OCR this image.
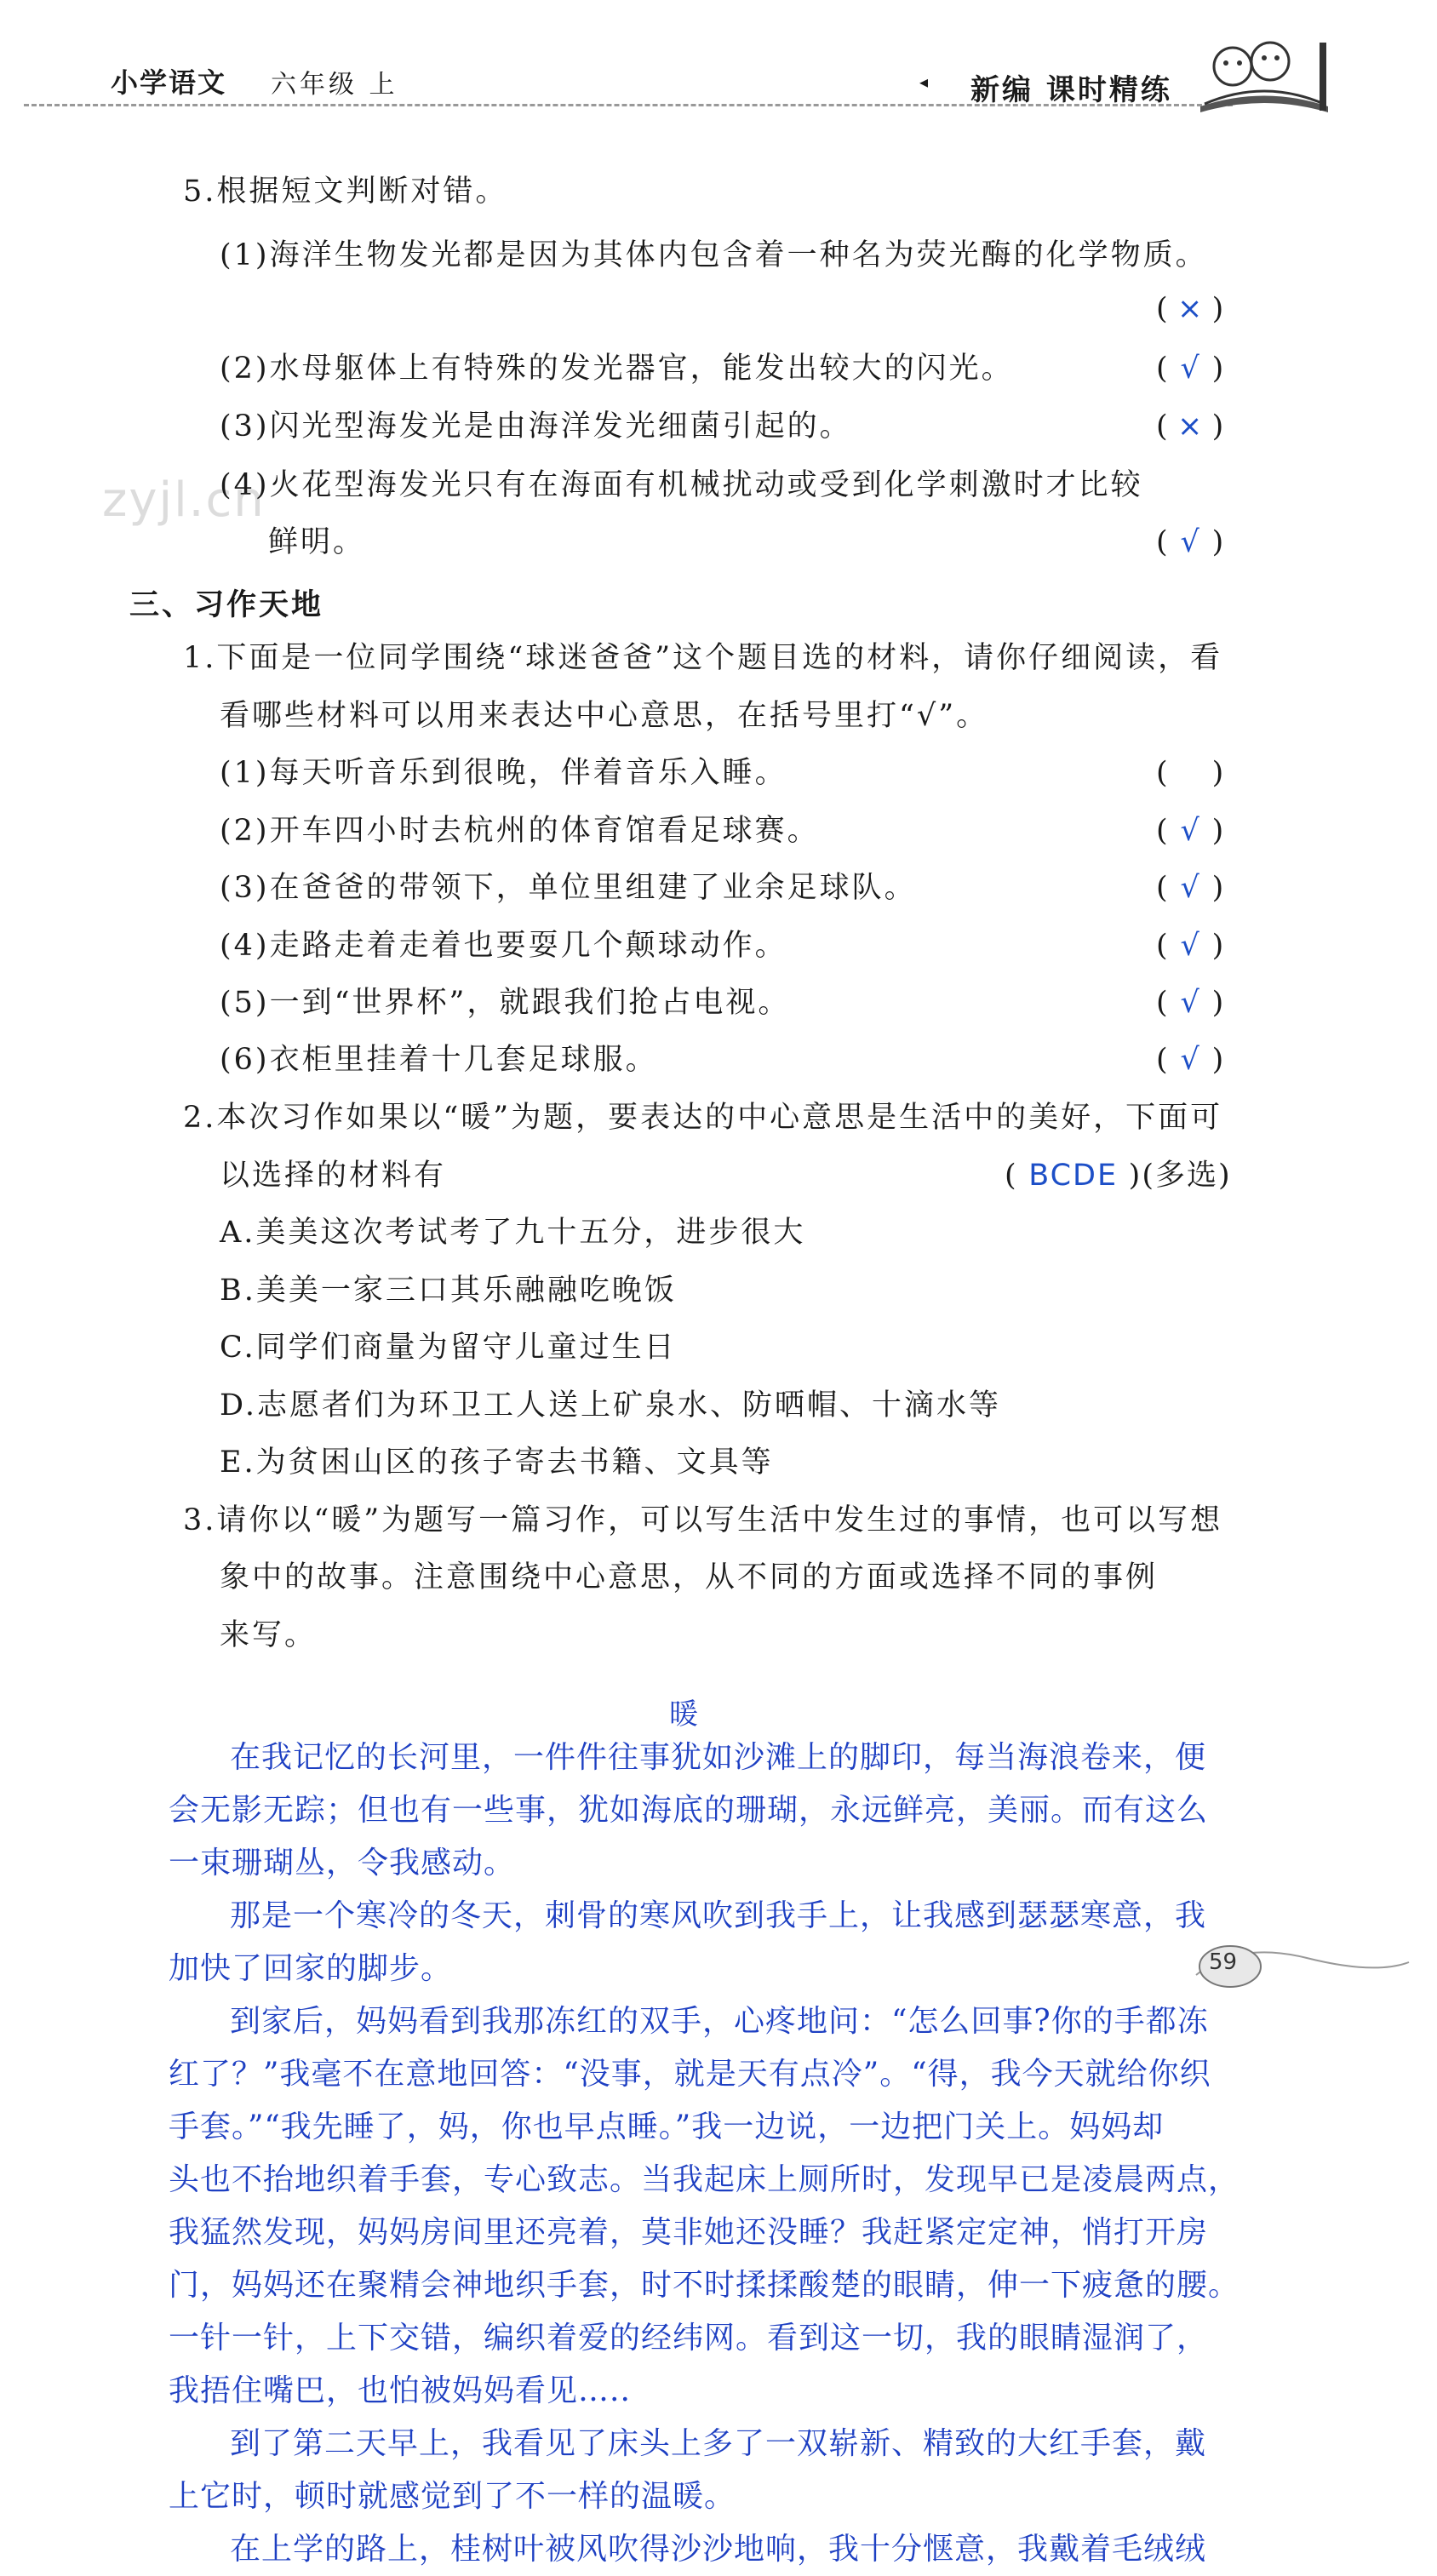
小学语文 六年级 上	◂ 新编 课时精练
zyjl.cn
5.根据短文判断对错。
(1)海洋生物发光都是因为其体内包含着一种名为荧光酶的化学物质。
( × )
(2)水母躯体上有特殊的发光器官，能发出较大的闪光。	( √ )
(3)闪光型海发光是由海洋发光细菌引起的。	( × )
(4)火花型海发光只有在海面有机械扰动或受到化学刺激时才比较
鲜明。	( √ )
三、习作天地
1.下面是一位同学围绕“球迷爸爸”这个题目选的材料，请你仔细阅读，看
看哪些材料可以用来表达中心意思，在括号里打“√”。
(1)每天听音乐到很晚，伴着音乐入睡。	( )
(2)开车四小时去杭州的体育馆看足球赛。	( √ )
(3)在爸爸的带领下，单位里组建了业余足球队。	( √ )
(4)走路走着走着也要耍几个颠球动作。	( √ )
(5)一到“世界杯”，就跟我们抢占电视。	( √ )
(6)衣柜里挂着十几套足球服。	( √ )
2.本次习作如果以“暖”为题，要表达的中心意思是生活中的美好，下面可
以选择的材料有	( BCDE )(多选)
A.美美这次考试考了九十五分，进步很大
B.美美一家三口其乐融融吃晚饭
C.同学们商量为留守儿童过生日
D.志愿者们为环卫工人送上矿泉水、防晒帽、十滴水等
E.为贫困山区的孩子寄去书籍、文具等
3.请你以“暖”为题写一篇习作，可以写生活中发生过的事情，也可以写想
象中的故事。注意围绕中心意思，从不同的方面或选择不同的事例
来写。
暖
在我记忆的长河里，一件件往事犹如沙滩上的脚印，每当海浪卷来，便
会无影无踪；但也有一些事，犹如海底的珊瑚，永远鲜亮，美丽。而有这么
一束珊瑚丛，令我感动。
那是一个寒冷的冬天，刺骨的寒风吹到我手上，让我感到瑟瑟寒意，我
加快了回家的脚步。
到家后，妈妈看到我那冻红的双手，心疼地问：“怎么回事?你的手都冻
红了？”我毫不在意地回答：“没事，就是天有点冷”。“得，我今天就给你织
手套。”“我先睡了，妈，你也早点睡。”我一边说，一边把门关上。妈妈却
头也不抬地织着手套，专心致志。当我起床上厕所时，发现早已是凌晨两点，
我猛然发现，妈妈房间里还亮着，莫非她还没睡？我赶紧定定神，悄打开房
门，妈妈还在聚精会神地织手套，时不时揉揉酸楚的眼睛，伸一下疲惫的腰。
一针一针，上下交错，编织着爱的经纬网。看到这一切，我的眼睛湿润了，
我捂住嘴巴，也怕被妈妈看见…..
到了第二天早上，我看见了床头上多了一双崭新、精致的大红手套，戴
上它时，顿时就感觉到了不一样的温暖。
在上学的路上，桂树叶被风吹得沙沙地响，我十分惬意，我戴着毛绒绒
59
